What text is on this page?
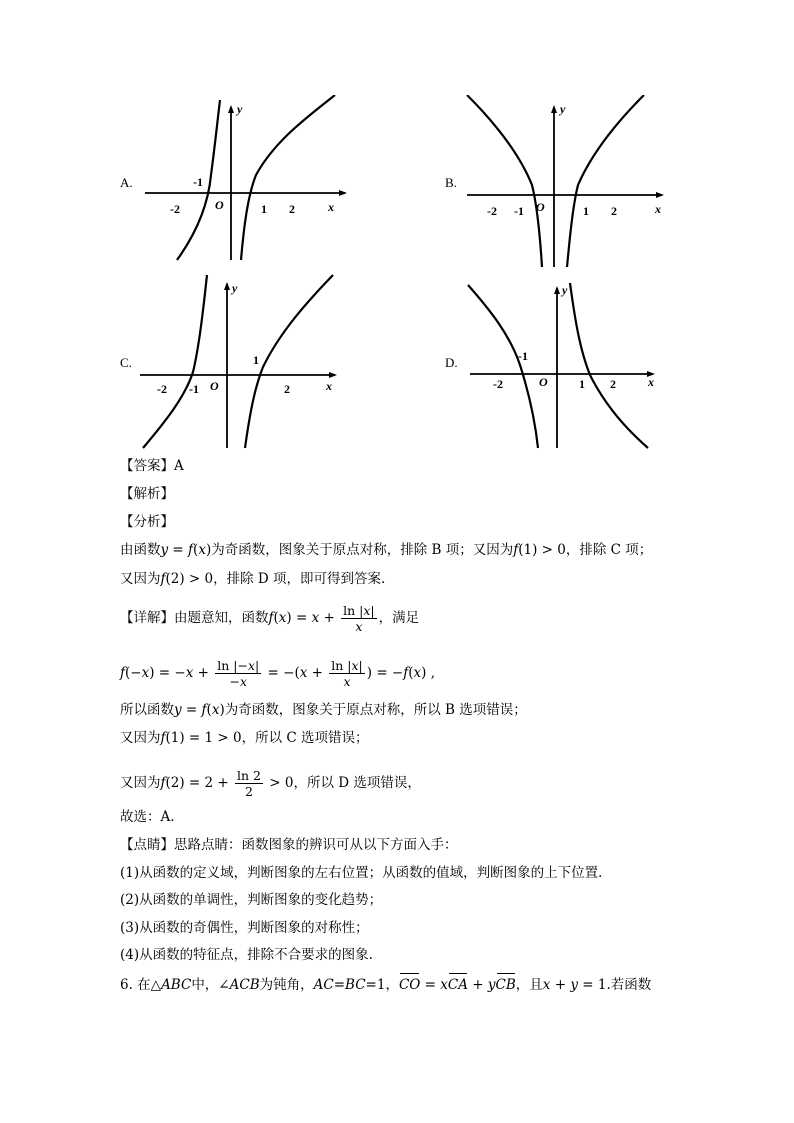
A.
-2
-1
1 2
O	x
y
B.
-2 -1	1 2
O	x
y
C.
-2 -1
1
2
O	x
y
D.
-2
-1
1 2
O	x
y
【答案】A
【解析】
【分析】
由函数y = f(x)为奇函数，图象关于原点对称，排除 B 项；又因为f(1) > 0，排除 C 项；
又因为f(2) > 0，排除 D 项，即可得到答案.
【详解】由题意知，函数$f(x) = x + \frac{\ln |x|}{x}$ ，满足
$f(-x) = -x + \frac{\ln |-x|}{-x} = -(x + \frac{\ln |x|}{x}$ ) = −f(x) ,
所以函数y = f(x)为奇函数，图象关于原点对称，所以 B 选项错误；
又因为f(1) = 1 > 0，所以 C 选项错误；
又因为$f(2) = 2 + \frac{\ln 2}{2} > 0$，所以 D 选项错误，
故选：A.
【点睛】思路点睛：函数图象的辨识可从以下方面入手：
(1)从函数的定义域，判断图象的左右位置；从函数的值域，判断图象的上下位置．
(2)从函数的单调性，判断图象的变化趋势；
(3)从函数的奇偶性，判断图象的对称性；
(4)从函数的特征点，排除不合要求的图象.
6. 在△ABC中，∠ACB为钝角，AC=BC=1，CO = xCA + yCB，且x + y = 1.若函数
